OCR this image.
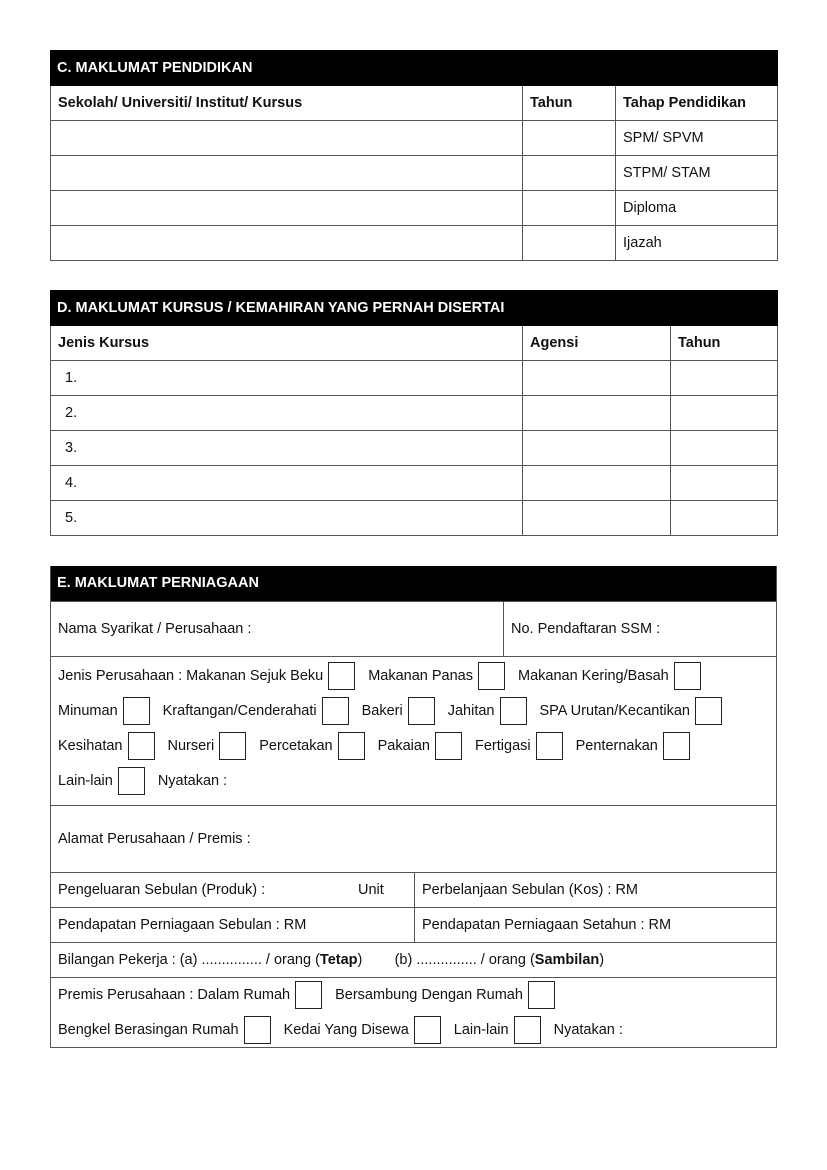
C. MAKLUMAT PENDIDIKAN		
Sekolah/ Universiti/ Institut/ Kursus	Tahun	Tahap Pendidikan
		SPM/ SPVM
		STPM/ STAM
		Diploma
		Ijazah
D. MAKLUMAT KURSUS / KEMAHIRAN YANG PERNAH DISERTAI		
Jenis Kursus	Agensi	Tahun
1.		
2.		
3.		
4.		
5.		
E. MAKLUMAT PERNIAGAAN
Nama Syarikat / Perusahaan :	No. Pendaftaran SSM :
Jenis Perusahaan : Makanan Sejuk Beku	Makanan Panas	Makanan Kering/Basah
Minuman	Kraftangan/Cenderahati	Bakeri	Jahitan	SPA Urutan/Kecantikan
Kesihatan	Nurseri	Percetakan	Pakaian	Fertigasi	Penternakan
Lain-lain	Nyatakan :
Alamat Perusahaan / Premis :
Pengeluaran Sebulan (Produk) :	Unit	Perbelanjaan Sebulan (Kos) : RM
Pendapatan Perniagaan Sebulan : RM	Pendapatan Perniagaan Setahun : RM
Bilangan Pekerja : (a) ............... / orang ( Tetap )        (b) ............... / orang ( Sambilan )
Premis Perusahaan : Dalam Rumah	Bersambung Dengan Rumah
Bengkel Berasingan Rumah	Kedai Yang Disewa	Lain-lain	Nyatakan :
